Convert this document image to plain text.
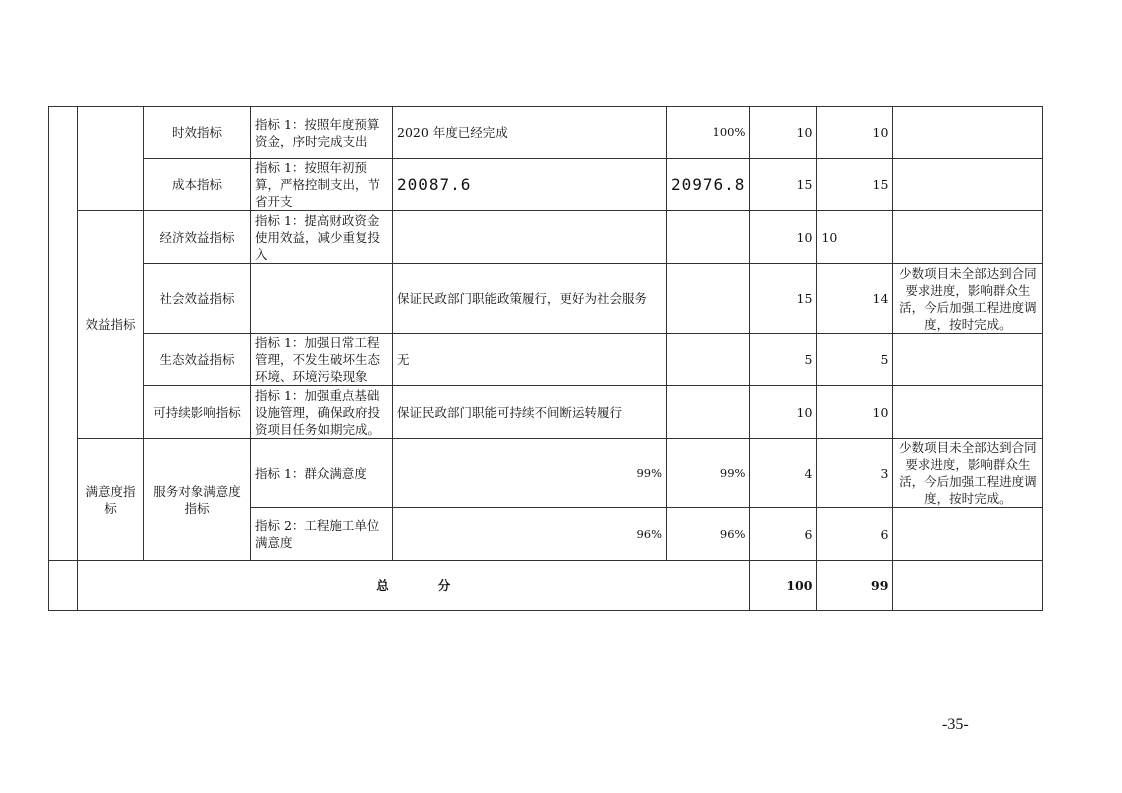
		时效指标	指标 1：按照年度预算资金，序时完成支出	2020 年度已经完成	100%	10	10	
		成本指标	指标 1：按照年初预算，严格控制支出，节省开支	20087.6	20976.8	15	15	
	效益指标	经济效益指标	指标 1：提高财政资金使用效益，减少重复投入			10	10	
		社会效益指标		保证民政部门职能政策履行，更好为社会服务		15	14	少数项目未全部达到合同要求进度，影响群众生活，今后加强工程进度调度，按时完成。
		生态效益指标	指标 1：加强日常工程管理，不发生破坏生态环境、环境污染现象	无		5	5	
		可持续影响指标	指标 1：加强重点基础设施管理，确保政府投资项目任务如期完成。	保证民政部门职能可持续不间断运转履行		10	10	
	满意度指标	服务对象满意度指标	指标 1：群众满意度	99%	99%	4	3	少数项目未全部达到合同要求进度，影响群众生活，今后加强工程进度调度，按时完成。
			指标 2：工程施工单位满意度	96%	96%	6	6	
	总 分					100	99	
-35-
